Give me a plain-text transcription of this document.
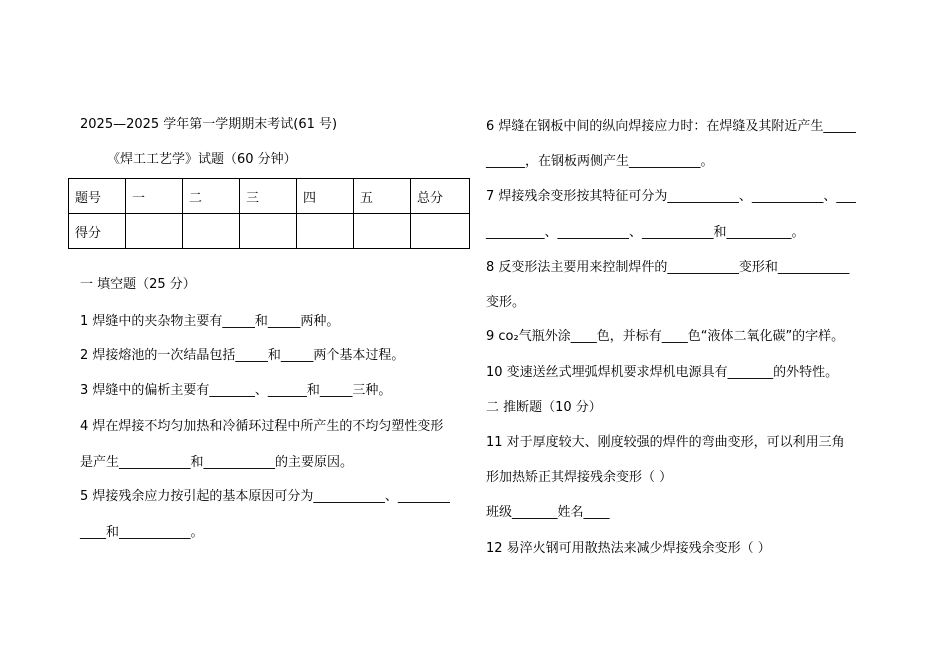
2025—2025 学年第一学期期末考试(61 号)
《焊工工艺学》试题（60 分钟）
题号	一	二	三	四	五	总分
得分						
一 填空题（25 分）
1 焊缝中的夹杂物主要有_____和_____两种。
2 焊接熔池的一次结晶包括_____和_____两个基本过程。
3 焊缝中的偏析主要有_______、______和_____三种。
4 焊在焊接不均匀加热和冷循环过程中所产生的不均匀塑性变形
是产生___________和___________的主要原因。
5 焊接残余应力按引起的基本原因可分为___________、________
____和___________。
6 焊缝在钢板中间的纵向焊接应力时：在焊缝及其附近产生_____
______，在钢板两侧产生___________。
7 焊接残余变形按其特征可分为___________、___________、___
_________、___________、___________和__________。
8 反变形法主要用来控制焊件的___________变形和___________
变形。
9 co₂气瓶外涂____色，并标有____色“液体二氧化碳”的字样。
10 变速送丝式埋弧焊机要求焊机电源具有_______的外特性。
二 推断题（10 分）
11 对于厚度较大、刚度较强的焊件的弯曲变形，可以利用三角
形加热矫正其焊接残余变形（ ）
班级_______姓名____
12 易淬火钢可用散热法来减少焊接残余变形（ ）
